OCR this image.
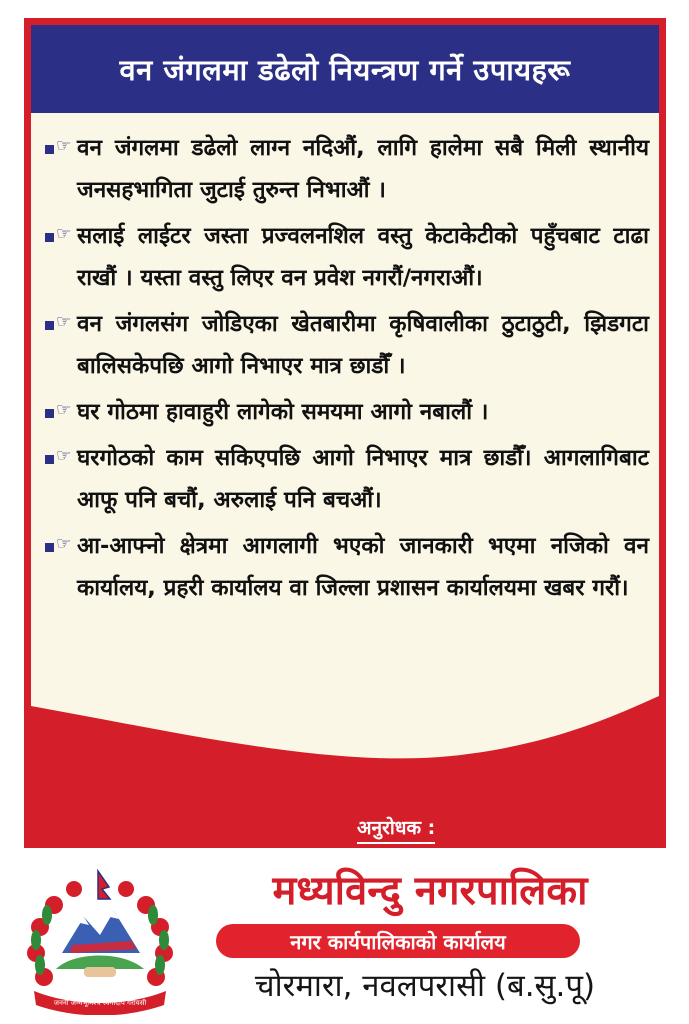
वन जंगलमा डढेलो नियन्त्रण गर्ने उपायहरू
☞ वन जंगलमा डढेलो लाग्न नदिऔं, लागि हालेमा सबै मिली स्थानीय जनसहभागिता जुटाई तुरुन्त निभाऔं ।
☞ सलाई लाईटर जस्ता प्रज्वलनशिल वस्तु केटाकेटीको पहुँचबाट टाढा राखौं । यस्ता वस्तु लिएर वन प्रवेश नगरौं/नगराऔं।
☞ वन जंगलसंग जोडिएका खेतबारीमा कृषिवालीका ठुटाठुटी, झिडगटा बालिसकेपछि आगो निभाएर मात्र छाडौँ ।
☞ घर गोठमा हावाहुरी लागेको समयमा आगो नबालौं ।
☞ घरगोठको काम सकिएपछि आगो निभाएर मात्र छाडौँ। आगलागिबाट आफू पनि बचौं, अरुलाई पनि बचऔं।
☞ आ-आफ्नो क्षेत्रमा आगलागी भएको जानकारी भएमा नजिको वन कार्यालय, प्रहरी कार्यालय वा जिल्ला प्रशासन कार्यालयमा खबर गरौं।
अनुरोधक :
जननी जन्मभूमिश्च स्वर्गादपि गरीयसी
मध्यविन्दु नगरपालिका
नगर कार्यपालिकाको कार्यालय
चोरमारा, नवलपरासी (ब.सु.पू)
